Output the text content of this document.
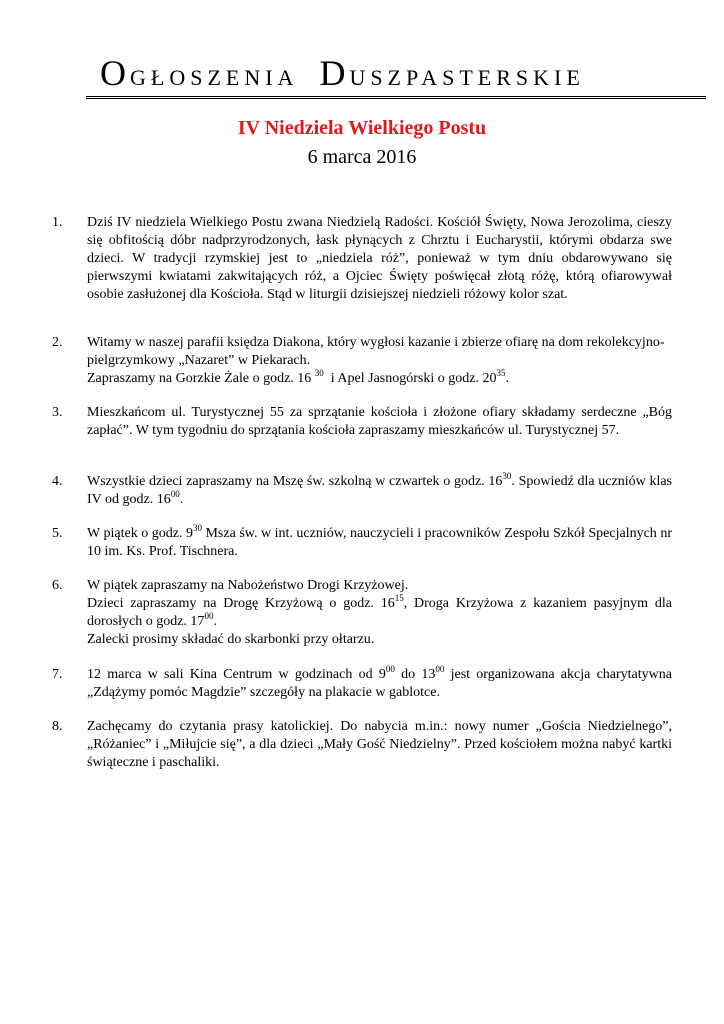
OGŁOSZENIA DUSZPASTERSKIE
IV Niedziela Wielkiego Postu
6 marca 2016
1. Dziś IV niedziela Wielkiego Postu zwana Niedzielą Radości. Kościół Święty, Nowa Jerozolima, cieszy się obfitością dóbr nadprzyrodzonych, łask płynących z Chrztu i Eucharystii, którymi obdarza swe dzieci. W tradycji rzymskiej jest to „niedziela róż”, ponieważ w tym dniu obdarowywano się pierwszymi kwiatami zakwitających róż, a Ojciec Święty poświęcał złotą różę, którą ofiarowywał osobie zasłużonej dla Kościoła. Stąd w liturgii dzisiejszej niedzieli różowy kolor szat.
2. Witamy w naszej parafii księdza Diakona, który wygłosi kazanie i zbierze ofiarę na dom rekolekcyjno-pielgrzymkowy „Nazaret” w Piekarach.
Zapraszamy na Gorzkie Żale o godz. 16 $^{30}$ i Apel Jasnogórski o godz. $20^{35}$.
3. Mieszkańcom ul. Turystycznej 55 za sprzątanie kościoła i złożone ofiary składamy serdeczne „Bóg zapłać”. W tym tygodniu do sprzątania kościoła zapraszamy mieszkańców ul. Turystycznej 57.
4. Wszystkie dzieci zapraszamy na Mszę św. szkolną w czwartek o godz. $16^{30}$. Spowiedź dla uczniów klas IV od godz. $16^{00}$.
5. W piątek o godz. $9^{30}$ Msza św. w int. uczniów, nauczycieli i pracowników Zespołu Szkół Specjalnych nr 10 im. Ks. Prof. Tischnera.
6. W piątek zapraszamy na Nabożeństwo Drogi Krzyżowej.
Dzieci zapraszamy na Drogę Krzyżową o godz. $16^{15}$, Droga Krzyżowa z kazaniem pasyjnym dla dorosłych o godz. $17^{00}$.
Zalecki prosimy składać do skarbonki przy ołtarzu.
7. 12 marca w sali Kina Centrum w godzinach od $9^{00}$ do $13^{00}$ jest organizowana akcja charytatywna „Zdążymy pomóc Magdzie” szczegóły na plakacie w gablotce.
8. Zachęcamy do czytania prasy katolickiej. Do nabycia m.in.: nowy numer „Gościa Niedzielnego”, „Różaniec” i „Miłujcie się”, a dla dzieci „Mały Gość Niedzielny”. Przed kościołem można nabyć kartki świąteczne i paschaliki.
